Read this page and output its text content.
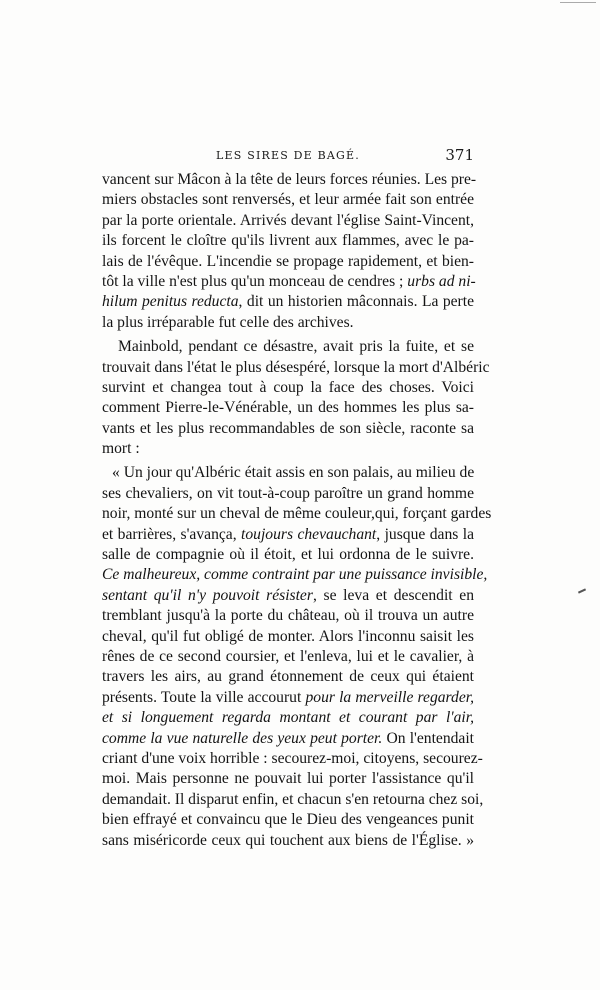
LES SIRES DE BAGÉ.	371
vancent sur Mâcon à la tête de leurs forces réunies. Les pre-
miers obstacles sont renversés, et leur armée fait son entrée
par la porte orientale. Arrivés devant l'église Saint-Vincent,
ils forcent le cloître qu'ils livrent aux flammes, avec le pa-
lais de l'évêque. L'incendie se propage rapidement, et bien-
tôt la ville n'est plus qu'un monceau de cendres ; urbs ad ni-
hilum penitus reducta, dit un historien mâconnais. La perte
la plus irréparable fut celle des archives.
Mainbold, pendant ce désastre, avait pris la fuite, et se
trouvait dans l'état le plus désespéré, lorsque la mort d'Albéric
survint et changea tout à coup la face des choses. Voici
comment Pierre-le-Vénérable, un des hommes les plus sa-
vants et les plus recommandables de son siècle, raconte sa
mort :
« Un jour qu'Albéric était assis en son palais, au milieu de
ses chevaliers, on vit tout-à-coup paroître un grand homme
noir, monté sur un cheval de même couleur,qui, forçant gardes
et barrières, s'avança, toujours chevauchant, jusque dans la
salle de compagnie où il étoit, et lui ordonna de le suivre.
Ce malheureux, comme contraint par une puissance invisible,
sentant qu'il n'y pouvoit résister, se leva et descendit en
tremblant jusqu'à la porte du château, où il trouva un autre
cheval, qu'il fut obligé de monter. Alors l'inconnu saisit les
rênes de ce second coursier, et l'enleva, lui et le cavalier, à
travers les airs, au grand étonnement de ceux qui étaient
présents. Toute la ville accourut pour la merveille regarder,
et si longuement regarda montant et courant par l'air,
comme la vue naturelle des yeux peut porter. On l'entendait
criant d'une voix horrible : secourez-moi, citoyens, secourez-
moi. Mais personne ne pouvait lui porter l'assistance qu'il
demandait. Il disparut enfin, et chacun s'en retourna chez soi,
bien effrayé et convaincu que le Dieu des vengeances punit
sans miséricorde ceux qui touchent aux biens de l'Église. »
